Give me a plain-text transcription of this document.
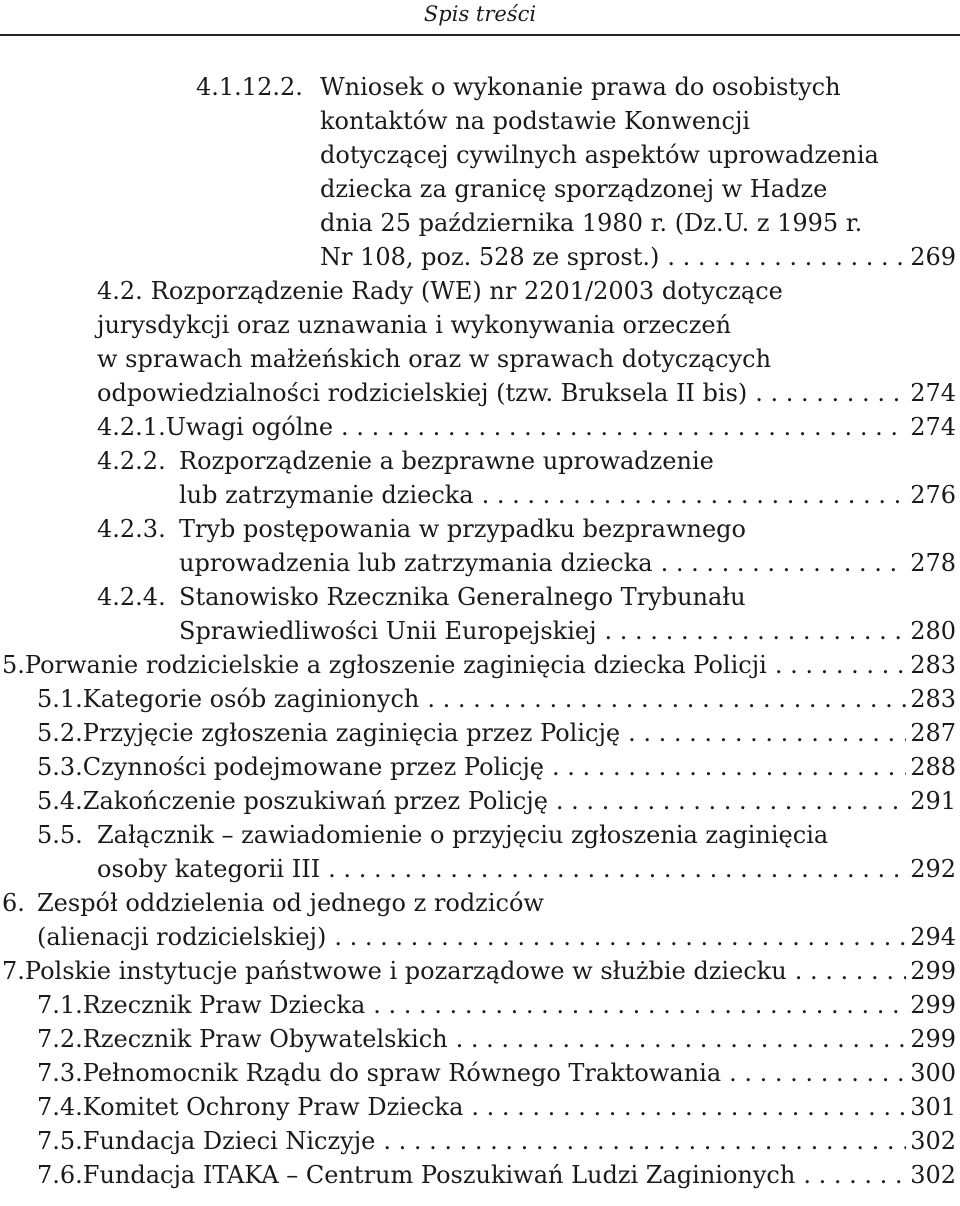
Spis treści
4.1.12.2. Wniosek o wykonanie prawa do osobistych
kontaktów na podstawie Konwencji
dotyczącej cywilnych aspektów uprowadzenia
dziecka za granicę sporządzonej w Hadze
dnia 25 października 1980 r. (Dz.U. z 1995 r.
Nr 108, poz. 528 ze sprost.) . . .	269
4.2. Rozporządzenie Rady (WE) nr 2201/2003 dotyczące
jurysdykcji oraz uznawania i wykonywania orzeczeń
w sprawach małżeńskich oraz w sprawach dotyczących
odpowiedzialności rodzicielskiej (tzw. Bruksela II bis) . . .	274
4.2.1. Uwagi ogólne . . .	274
4.2.2. Rozporządzenie a bezprawne uprowadzenie
lub zatrzymanie dziecka . . .	276
4.2.3. Tryb postępowania w przypadku bezprawnego
uprowadzenia lub zatrzymania dziecka . . .	278
4.2.4. Stanowisko Rzecznika Generalnego Trybunału
Sprawiedliwości Unii Europejskiej . . .	280
5. Porwanie rodzicielskie a zgłoszenie zaginięcia dziecka Policji . . .	283
5.1. Kategorie osób zaginionych . . .	283
5.2. Przyjęcie zgłoszenia zaginięcia przez Policję . . .	287
5.3. Czynności podejmowane przez Policję . . .	288
5.4. Zakończenie poszukiwań przez Policję . . .	291
5.5. Załącznik – zawiadomienie o przyjęciu zgłoszenia zaginięcia
osoby kategorii III . . .	292
6. Zespół oddzielenia od jednego z rodziców
(alienacji rodzicielskiej) . . .	294
7. Polskie instytucje państwowe i pozarządowe w służbie dziecku . . .	299
7.1. Rzecznik Praw Dziecka . . .	299
7.2. Rzecznik Praw Obywatelskich . . .	299
7.3. Pełnomocnik Rządu do spraw Równego Traktowania . . .	300
7.4. Komitet Ochrony Praw Dziecka . . .	301
7.5. Fundacja Dzieci Niczyje . . .	302
7.6. Fundacja ITAKA – Centrum Poszukiwań Ludzi Zaginionych . . .	302
